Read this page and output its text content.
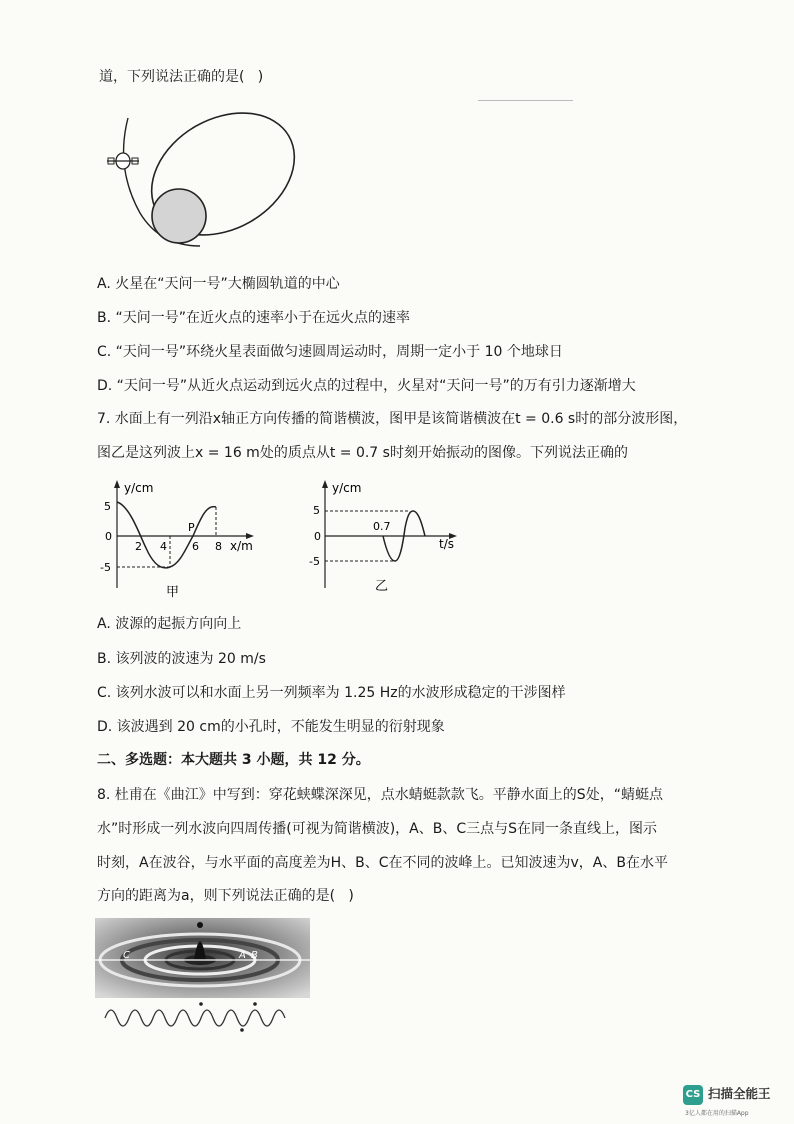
道，下列说法正确的是(   )
A. 火星在“天问一号”大椭圆轨道的中心
B. “天问一号”在近火点的速率小于在远火点的速率
C. “天问一号”环绕火星表面做匀速圆周运动时，周期一定小于 10 个地球日
D. “天问一号”从近火点运动到远火点的过程中，火星对“天问一号”的万有引力逐渐增大
7. 水面上有一列沿x轴正方向传播的简谐横波，图甲是该简谐横波在t = 0.6 s时的部分波形图，
图乙是这列波上x = 16 m处的质点从t = 0.7 s时刻开始振动的图像。下列说法正确的
y/cm
5
0
-5
2 4 6 8 x/m
P
甲
y/cm
5
0
-5
0.7
t/s
乙
A. 波源的起振方向向上
B. 该列波的波速为 20 m/s
C. 该列水波可以和水面上另一列频率为 1.25 Hz的水波形成稳定的干涉图样
D. 该波遇到 20 cm的小孔时，不能发生明显的衍射现象
二、多选题：本大题共 3 小题，共 12 分。
8. 杜甫在《曲江》中写到：穿花蛱蝶深深见，点水蜻蜓款款飞。平静水面上的S处，“蜻蜓点
水”时形成一列水波向四周传播(可视为简谐横波)，A、B、C三点与S在同一条直线上，图示
时刻，A在波谷，与水平面的高度差为H、B、C在不同的波峰上。已知波速为v，A、B在水平
方向的距离为a，则下列说法正确的是(   )
C	A B
CS 扫描全能王
3亿人都在用的扫描App
